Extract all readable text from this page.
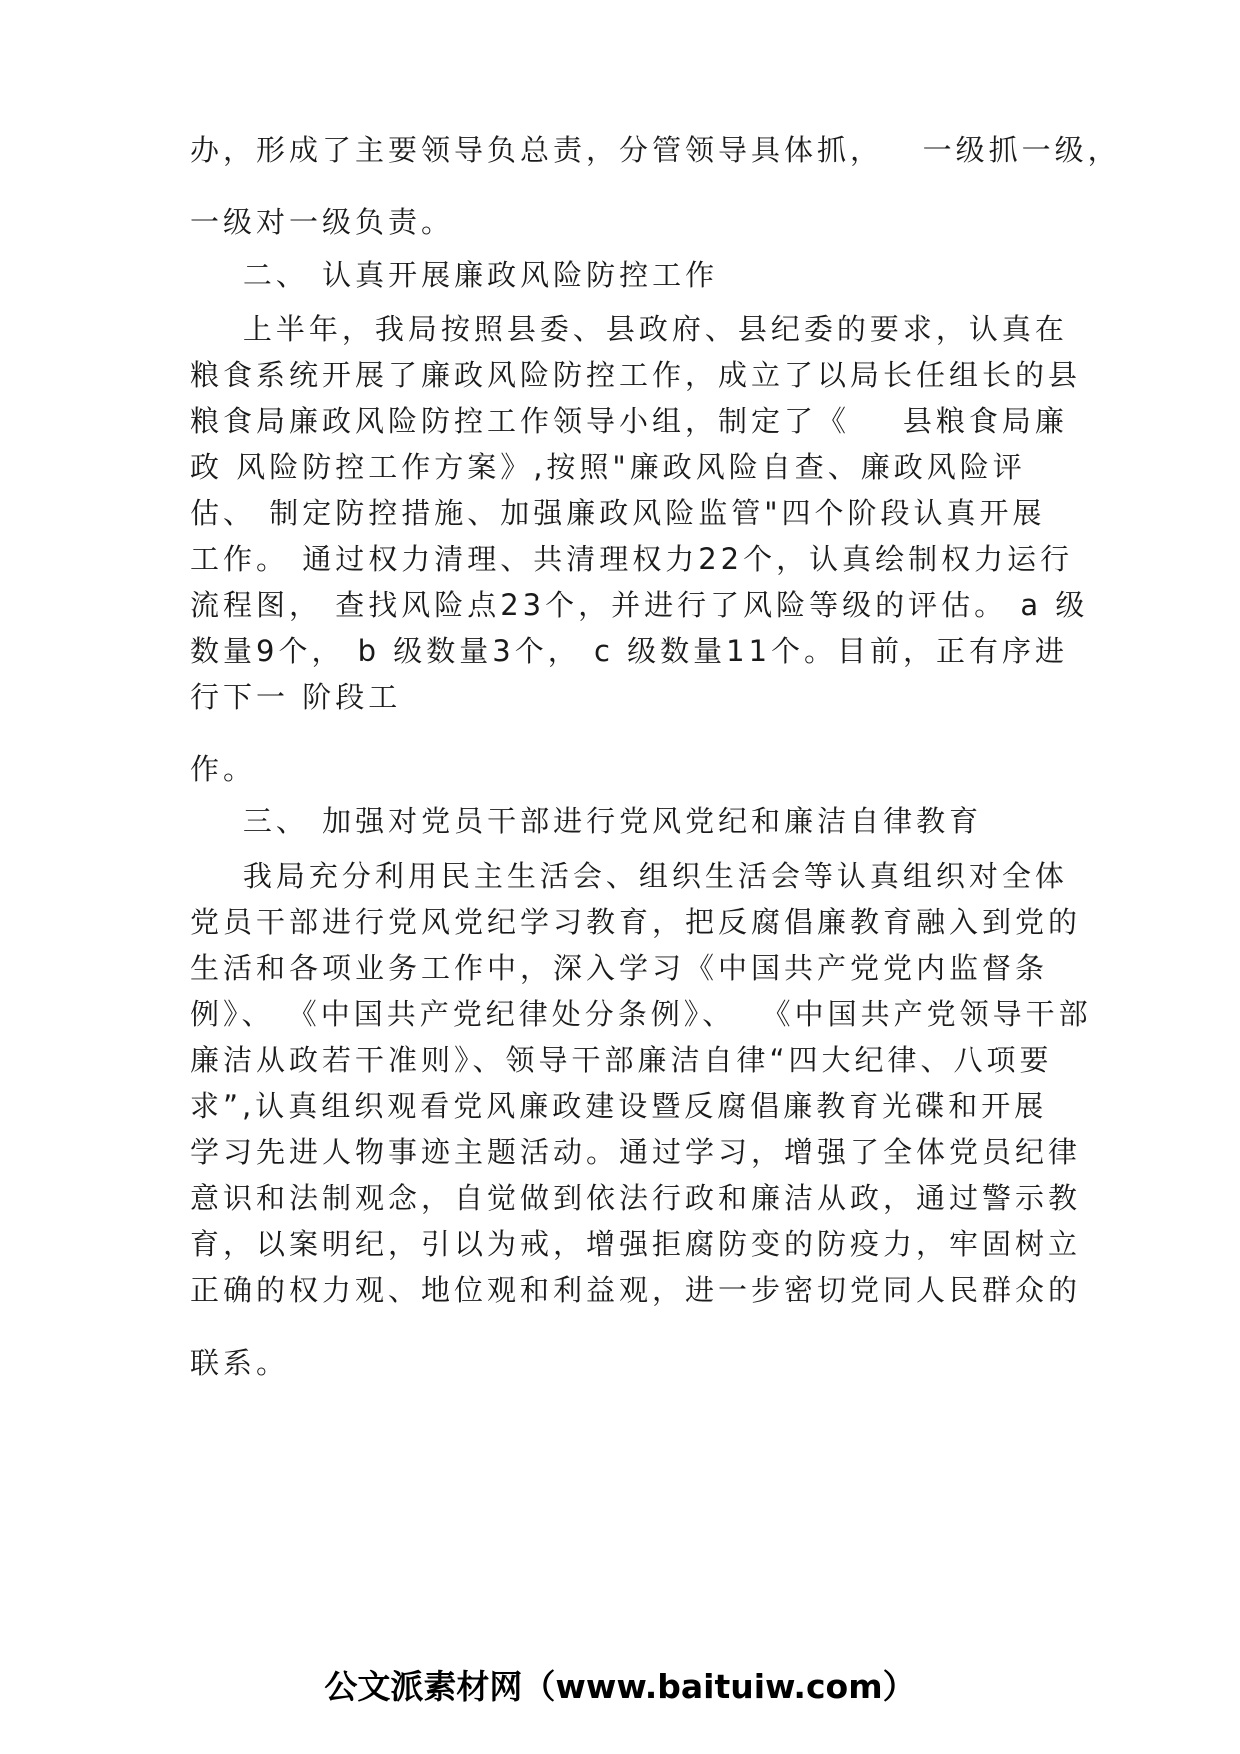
办，形成了主要领导负总责，分管领导具体抓，   一级抓一级，
一级对一级负责。
二、 认真开展廉政风险防控工作
上半年，我局按照县委、县政府、县纪委的要求，认真在
粮食系统开展了廉政风险防控工作，成立了以局长任组长的县
粮食局廉政风险防控工作领导小组，制定了《    县粮食局廉
政 风险防控工作方案》,按照"廉政风险自查、廉政风险评
估、 制定防控措施、加强廉政风险监管"四个阶段认真开展
工作。 通过权力清理、共清理权力22个，认真绘制权力运行
流程图， 查找风险点23个，并进行了风险等级的评估。 a 级
数量9个， b 级数量3个， c 级数量11个。目前，正有序进
行下一 阶段工
作。
三、 加强对党员干部进行党风党纪和廉洁自律教育
我局充分利用民主生活会、组织生活会等认真组织对全体
党员干部进行党风党纪学习教育，把反腐倡廉教育融入到党的
生活和各项业务工作中，深入学习《中国共产党党内监督条
例》、 《中国共产党纪律处分条例》、  《中国共产党领导干部
廉洁从政若干准则》、领导干部廉洁自律“四大纪律、八项要
求”,认真组织观看党风廉政建设暨反腐倡廉教育光碟和开展
学习先进人物事迹主题活动。通过学习，增强了全体党员纪律
意识和法制观念，自觉做到依法行政和廉洁从政，通过警示教
育，以案明纪，引以为戒，增强拒腐防变的防疫力，牢固树立
正确的权力观、地位观和利益观，进一步密切党同人民群众的
联系。
公文派素材网（www.baituiw.com）
